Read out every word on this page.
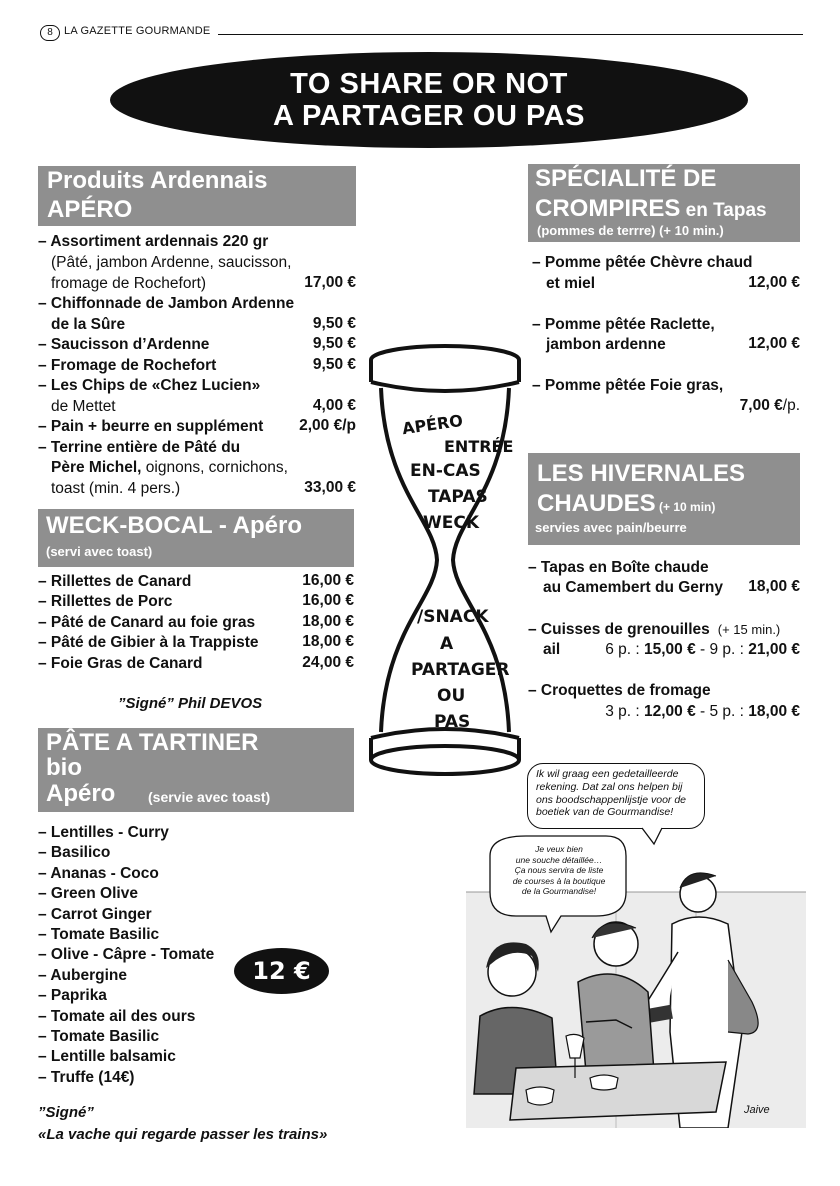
8	LA GAZETTE GOURMANDE
TO SHARE OR NOT
A PARTAGER OU PAS
Produits Ardennais
APÉRO
– Assortiment ardennais 220 gr
(Pâté, jambon Ardenne, saucisson,
fromage de Rochefort)	17,00 €
– Chiffonnade de Jambon Ardenne
de la Sûre	9,50 €
– Saucisson d’Ardenne	9,50 €
– Fromage de Rochefort	9,50 €
– Les Chips de «Chez Lucien»
de Mettet	4,00 €
– Pain + beurre en supplément 2,00 €/p
– Terrine entière de Pâté du
Père Michel, oignons, cornichons,
toast (min. 4 pers.)	33,00 €
WECK-BOCAL - Apéro
(servi avec toast)
– Rillettes de Canard	16,00 €
– Rillettes de Porc	16,00 €
– Pâté de Canard au foie gras	18,00 €
– Pâté de Gibier à la Trappiste	18,00 €
– Foie Gras de Canard	24,00 €
”Signé” Phil DEVOS
PÂTE A TARTINER
bio
Apéro (servie avec toast)
– Lentilles - Curry
– Basilico
– Ananas - Coco
– Green Olive
– Carrot Ginger
– Tomate Basilic
– Olive - Câpre - Tomate
– Aubergine
– Paprika
– Tomate ail des ours
– Tomate Basilic
– Lentille balsamic
– Truffe (14€)
12 €
”Signé”
«La vache qui regarde passer les trains»
APÉRO
ENTRÉE
EN-CAS
TAPAS
WECK
/SNACK
A
PARTAGER
OU
PAS
SPÉCIALITÉ DE
CROMPIRES en Tapas
(pommes de terrre) (+ 10 min.)
– Pomme pêtée Chèvre chaud
et miel	12,00 €
– Pomme pêtée Raclette,
jambon ardenne	12,00 €
– Pomme pêtée Foie gras,
7,00 €/p.
LES HIVERNALES
CHAUDES (+ 10 min)
servies avec pain/beurre
– Tapas en Boîte chaude
au Camembert du Gerny 18,00 €
– Cuisses de grenouilles (+ 15 min.)
ail	6 p. : 15,00 € - 9 p. : 21,00 €
– Croquettes de fromage
3 p. : 12,00 € - 5 p. : 18,00 €
Ik wil graag een gedetailleerde rekening. Dat zal ons helpen bij ons boodschappenlijstje voor de boetiek van de Gourmandise!
Je veux bien
une souche détaillée…
Ça nous servira de liste
de courses à la boutique
de la Gourmandise!
Jaive
